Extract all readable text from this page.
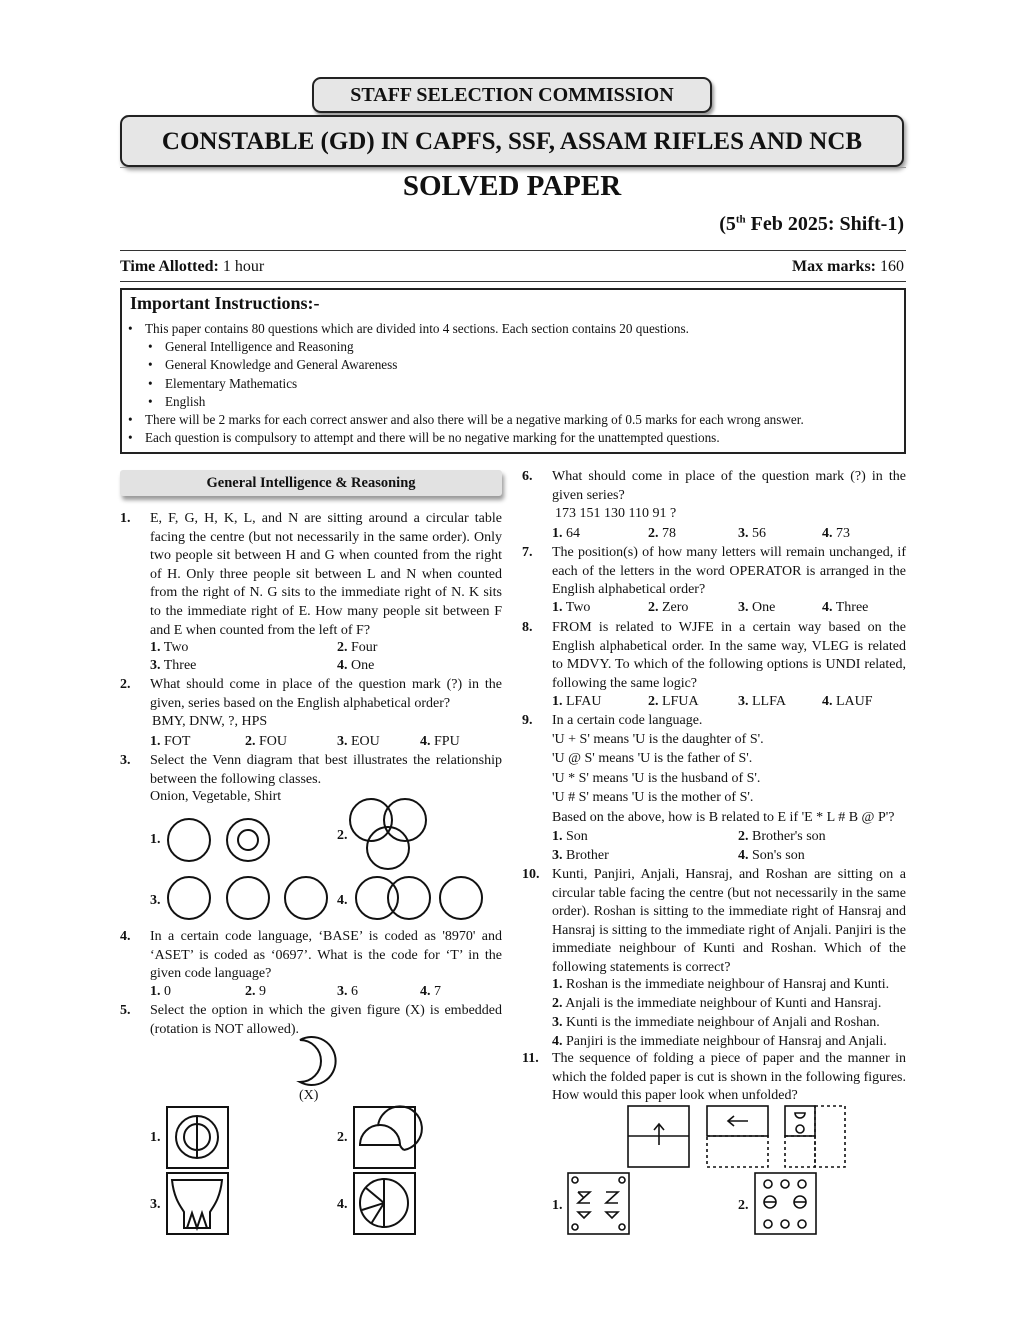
STAFF SELECTION COMMISSION
CONSTABLE (GD) IN CAPFS, SSF, ASSAM RIFLES AND NCB
SOLVED PAPER
(5th Feb 2025: Shift-1)
Time Allotted: 1 hour	Max marks: 160
Important Instructions:-
• This paper contains 80 questions which are divided into 4 sections. Each section contains 20 questions.
• General Intelligence and Reasoning
• General Knowledge and General Awareness
• Elementary Mathematics
• English
• There will be 2 marks for each correct answer and also there will be a negative marking of 0.5 marks for each wrong answer.
• Each question is compulsory to attempt and there will be no negative marking for the unattempted questions.
General Intelligence & Reasoning
1. E, F, G, H, K, L, and N are sitting around a circular table facing the centre (but not necessarily in the same order). Only two people sit between H and G when counted from the right of H. Only three people sit between L and N when counted from the right of N. G sits to the immediate right of N. K sits to the immediate right of E. How many people sit between F and E when counted from the left of F?
1. Two	2. Four
3. Three	4. One
2. What should come in place of the question mark (?) in the given, series based on the English alphabetical order?
BMY, DNW, ?, HPS
1. FOT	2. FOU	3. EOU	4. FPU
3. Select the Venn diagram that best illustrates the relationship between the following classes.
Onion, Vegetable, Shirt
1.	2.
3.	4.
4. In a certain code language, ‘BASE’ is coded as '8970' and ‘ASET’ is coded as ‘0697’. What is the code for ‘T’ in the given code language?
1. 0	2. 9	3. 6	4. 7
5. Select the option in which the given figure (X) is embedded (rotation is NOT allowed).
(X)
1.	2.
3.	4.
6. What should come in place of the question mark (?) in the given series?
173 151 130 110 91 ?
1. 64	2. 78	3. 56	4. 73
7. The position(s) of how many letters will remain unchanged, if each of the letters in the word OPERATOR is arranged in the English alphabetical order?
1. Two	2. Zero	3. One	4. Three
8. FROM is related to WJFE in a certain way based on the English alphabetical order. In the same way, VLEG is related to MDVY. To which of the following options is UNDI related, following the same logic?
1. LFAU	2. LFUA	3. LLFA	4. LAUF
9. In a certain code language.
'U + S' means 'U is the daughter of S'.
'U @ S' means 'U is the father of S'.
'U * S' means 'U is the husband of S'.
'U # S' means 'U is the mother of S'.
Based on the above, how is B related to E if 'E * L # B @ P'?
1. Son	2. Brother's son
3. Brother	4. Son's son
10. Kunti, Panjiri, Anjali, Hansraj, and Roshan are sitting on a circular table facing the centre (but not necessarily in the same order). Roshan is sitting to the immediate right of Hansraj and Hansraj is sitting to the immediate right of Anjali. Panjiri is the immediate neighbour of Kunti and Roshan. Which of the following statements is correct?
1. Roshan is the immediate neighbour of Hansraj and Kunti.
2. Anjali is the immediate neighbour of Kunti and Hansraj.
3. Kunti is the immediate neighbour of Anjali and Roshan.
4. Panjiri is the immediate neighbour of Hansraj and Anjali.
11. The sequence of folding a piece of paper and the manner in which the folded paper is cut is shown in the following figures. How would this paper look when unfolded?
1.	2.
